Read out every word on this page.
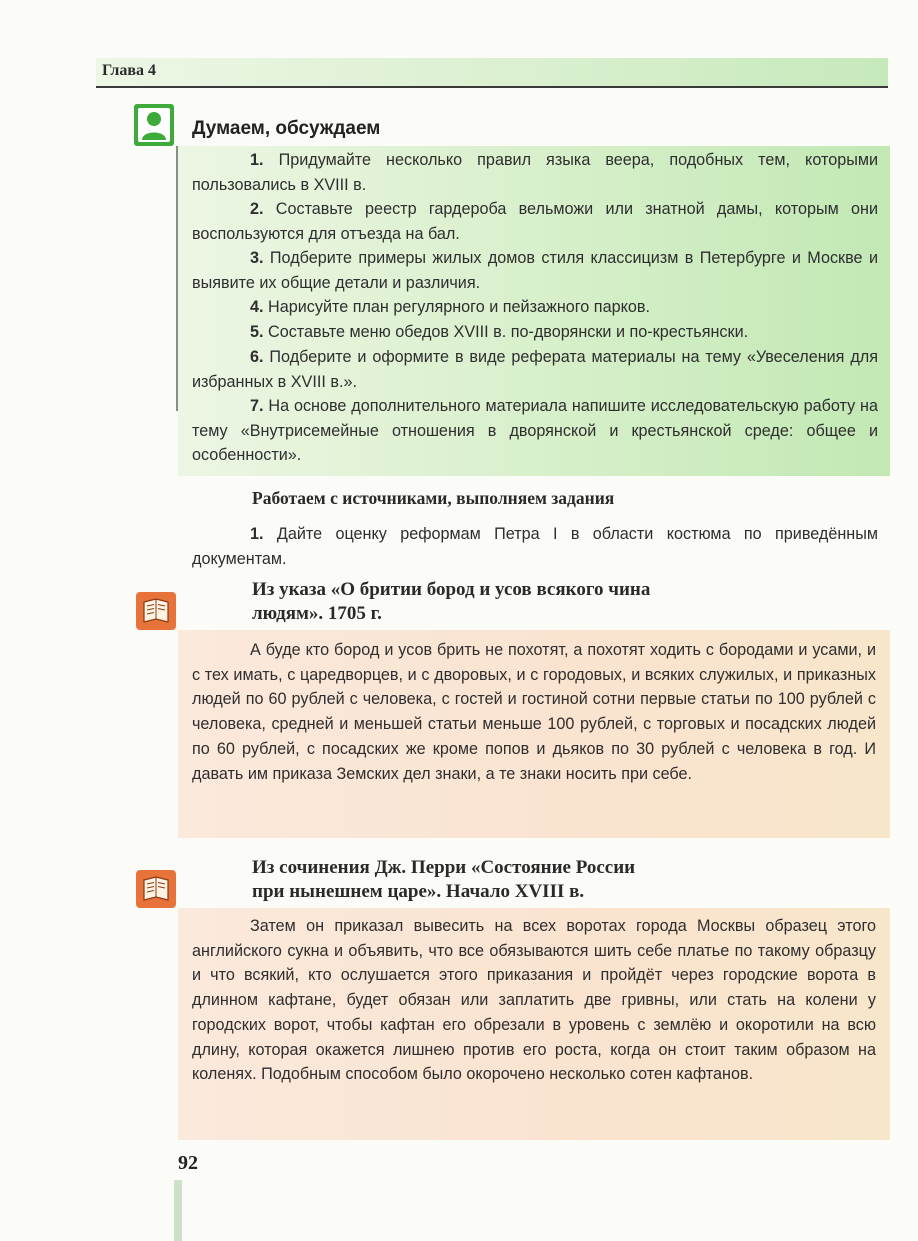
Глава 4
Думаем, обсуждаем
1. Придумайте несколько правил языка веера, подобных тем, которыми пользовались в XVIII в.
2. Составьте реестр гардероба вельможи или знатной дамы, которым они воспользуются для отъезда на бал.
3. Подберите примеры жилых домов стиля классицизм в Петербурге и Москве и выявите их общие детали и различия.
4. Нарисуйте план регулярного и пейзажного парков.
5. Составьте меню обедов XVIII в. по-дворянски и по-крестьянски.
6. Подберите и оформите в виде реферата материалы на тему «Увеселения для избранных в XVIII в.».
7. На основе дополнительного материала напишите исследовательскую работу на тему «Внутрисемейные отношения в дворянской и крестьянской среде: общее и особенности».
Работаем с источниками, выполняем задания
1. Дайте оценку реформам Петра I в области костюма по приведённым документам.
Из указа «О бритии бород и усов всякого чина
людям». 1705 г.
А буде кто бород и усов брить не похотят, а похотят ходить с бородами и усами, и с тех имать, с царедворцев, и с дворовых, и с городовых, и всяких служилых, и приказных людей по 60 рублей с человека, с гостей и гостиной сотни первые статьи по 100 рублей с человека, средней и меньшей статьи меньше 100 рублей, с торговых и посадских людей по 60 рублей, с посадских же кроме попов и дьяков по 30 рублей с человека в год. И давать им приказа Земских дел знаки, а те знаки носить при себе.
Из сочинения Дж. Перри «Состояние России
при нынешнем царе». Начало XVIII в.
Затем он приказал вывесить на всех воротах города Москвы образец этого английского сукна и объявить, что все обязываются шить себе платье по такому образцу и что всякий, кто ослушается этого приказания и пройдёт через городские ворота в длинном кафтане, будет обязан или заплатить две гривны, или стать на колени у городских ворот, чтобы кафтан его обрезали в уровень с землёю и окоротили на всю длину, которая окажется лишнею против его роста, когда он стоит таким образом на коленях. Подобным способом было окорочено несколько сотен кафтанов.
92
